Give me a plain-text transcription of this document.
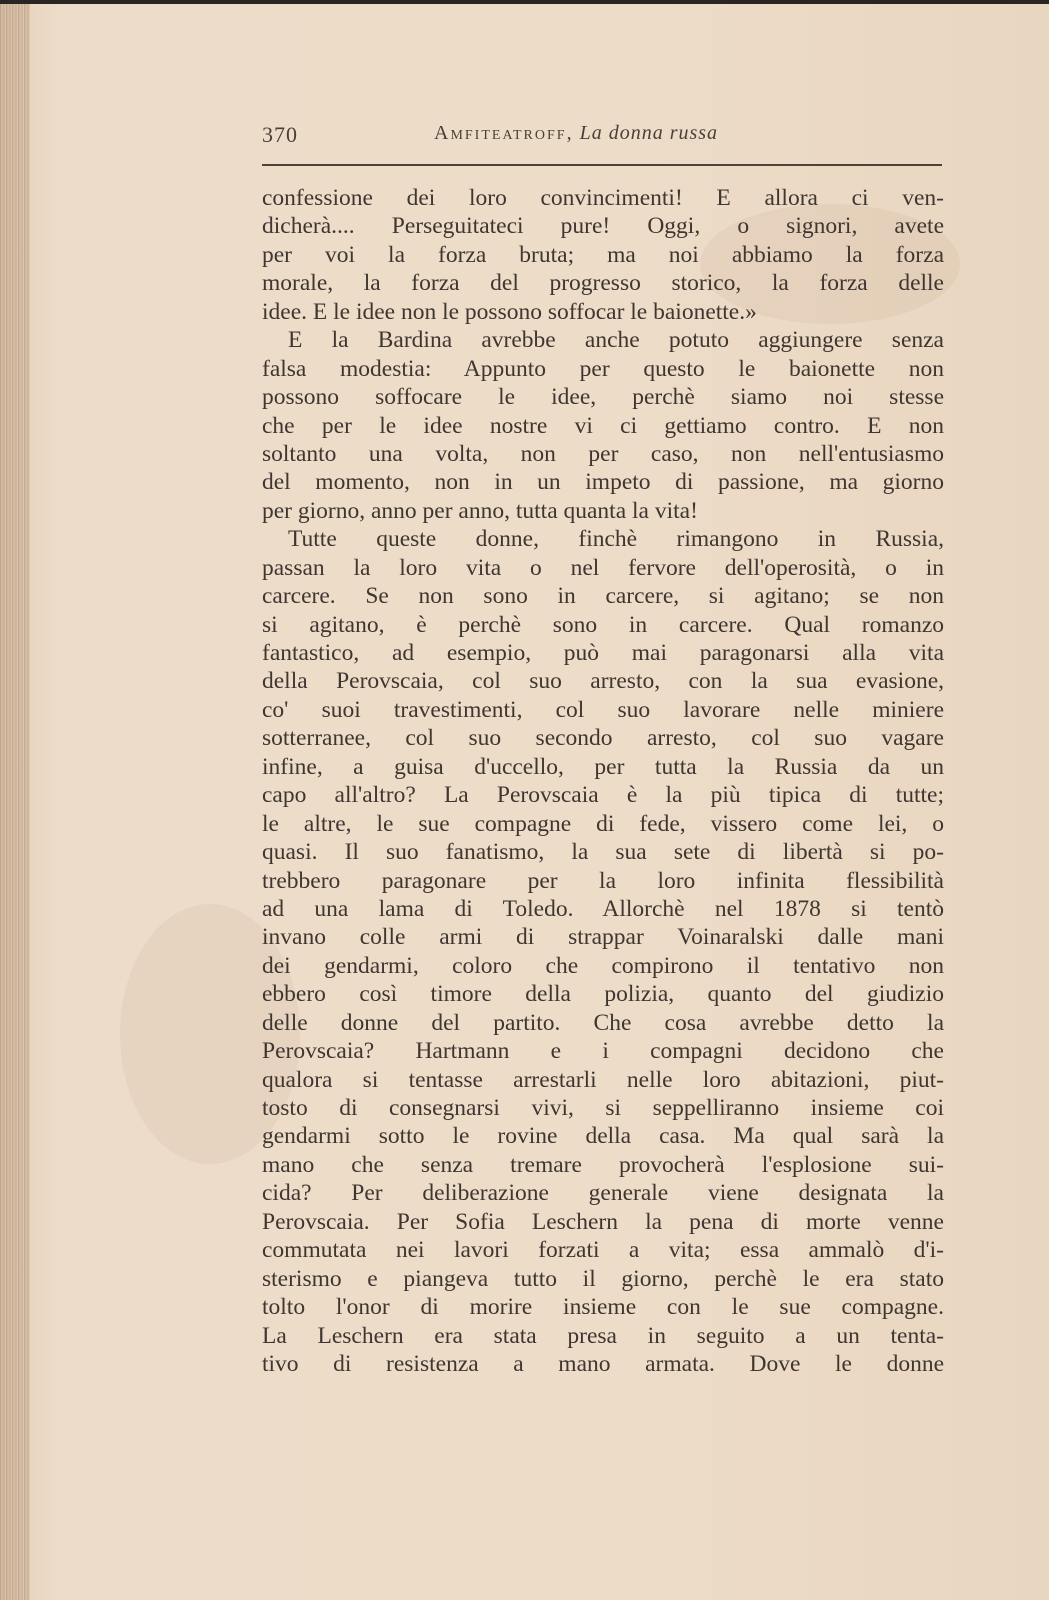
370	Amfiteatroff, La donna russa
confessione dei loro convincimenti! E allora ci ven-
dicherà.... Perseguitateci pure! Oggi, o signori, avete
per voi la forza bruta; ma noi abbiamo la forza
morale, la forza del progresso storico, la forza delle
idee. E le idee non le possono soffocar le baionette.»
E la Bardina avrebbe anche potuto aggiungere senza
falsa modestia: Appunto per questo le baionette non
possono soffocare le idee, perchè siamo noi stesse
che per le idee nostre vi ci gettiamo contro. E non
soltanto una volta, non per caso, non nell'entusiasmo
del momento, non in un impeto di passione, ma giorno
per giorno, anno per anno, tutta quanta la vita!
Tutte queste donne, finchè rimangono in Russia,
passan la loro vita o nel fervore dell'operosità, o in
carcere. Se non sono in carcere, si agitano; se non
si agitano, è perchè sono in carcere. Qual romanzo
fantastico, ad esempio, può mai paragonarsi alla vita
della Perovscaia, col suo arresto, con la sua evasione,
co' suoi travestimenti, col suo lavorare nelle miniere
sotterranee, col suo secondo arresto, col suo vagare
infine, a guisa d'uccello, per tutta la Russia da un
capo all'altro? La Perovscaia è la più tipica di tutte;
le altre, le sue compagne di fede, vissero come lei, o
quasi. Il suo fanatismo, la sua sete di libertà si po-
trebbero paragonare per la loro infinita flessibilità
ad una lama di Toledo. Allorchè nel 1878 si tentò
invano colle armi di strappar Voinaralski dalle mani
dei gendarmi, coloro che compirono il tentativo non
ebbero così timore della polizia, quanto del giudizio
delle donne del partito. Che cosa avrebbe detto la
Perovscaia? Hartmann e i compagni decidono che
qualora si tentasse arrestarli nelle loro abitazioni, piut-
tosto di consegnarsi vivi, si seppelliranno insieme coi
gendarmi sotto le rovine della casa. Ma qual sarà la
mano che senza tremare provocherà l'esplosione sui-
cida? Per deliberazione generale viene designata la
Perovscaia. Per Sofia Leschern la pena di morte venne
commutata nei lavori forzati a vita; essa ammalò d'i-
sterismo e piangeva tutto il giorno, perchè le era stato
tolto l'onor di morire insieme con le sue compagne.
La Leschern era stata presa in seguito a un tenta-
tivo di resistenza a mano armata. Dove le donne
